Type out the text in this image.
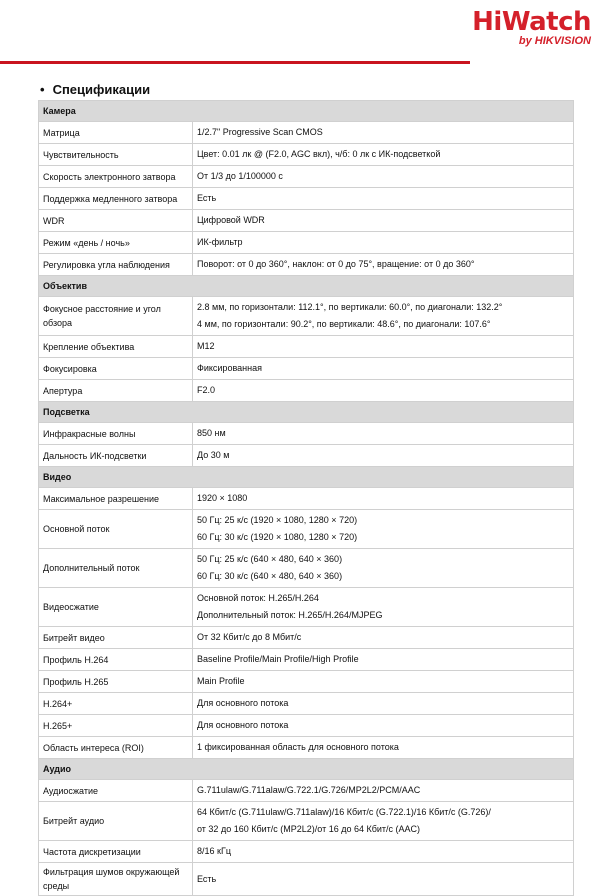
HiWatch
by HIKVISION
• Спецификации
Камера	
Матрица	1/2.7" Progressive Scan CMOS

Чувствительность	Цвет: 0.01 лк @ (F2.0, AGC вкл), ч/б: 0 лк с ИК-подсветкой

Скорость электронного затвора	От 1/3 до 1/100000 с

Поддержка медленного затвора	Есть

WDR	Цифровой WDR

Режим «день / ночь»	ИК-фильтр

Регулировка угла наблюдения	Поворот: от 0 до 360°, наклон: от 0 до 75°, вращение: от 0 до 360°

Объектив	
Фокусное расстояние и угол обзора	2.8 мм, по горизонтали: 112.1°, по вертикали: 60.0°, по диагонали: 132.2°
4 мм, по горизонтали: 90.2°, по вертикали: 48.6°, по диагонали: 107.6°

Крепление объектива	M12

Фокусировка	Фиксированная

Апертура	F2.0

Подсветка	
Инфракрасные волны	850 нм

Дальность ИК-подсветки	До 30 м

Видео	
Максимальное разрешение	1920 × 1080

Основной поток	50 Гц: 25 к/с (1920 × 1080, 1280 × 720)
60 Гц: 30 к/с (1920 × 1080, 1280 × 720)

Дополнительный поток	50 Гц: 25 к/с (640 × 480, 640 × 360)
60 Гц: 30 к/с (640 × 480, 640 × 360)

Видеосжатие	Основной поток: H.265/H.264
Дополнительный поток: H.265/H.264/MJPEG

Битрейт видео	От 32 Кбит/с до 8 Мбит/с

Профиль H.264	Baseline Profile/Main Profile/High Profile

Профиль H.265	Main Profile

H.264+	Для основного потока

H.265+	Для основного потока

Область интереса (ROI)	1 фиксированная область для основного потока

Аудио	
Аудиосжатие	G.711ulaw/G.711alaw/G.722.1/G.726/MP2L2/PCM/AAC

Битрейт аудио	64 Кбит/с (G.711ulaw/G.711alaw)/16 Кбит/с (G.722.1)/16 Кбит/с (G.726)/
от 32 до 160 Кбит/с (MP2L2)/от 16 до 64 Кбит/с (AAC)

Частота дискретизации	8/16 кГц

Фильтрация шумов окружающей среды	Есть
